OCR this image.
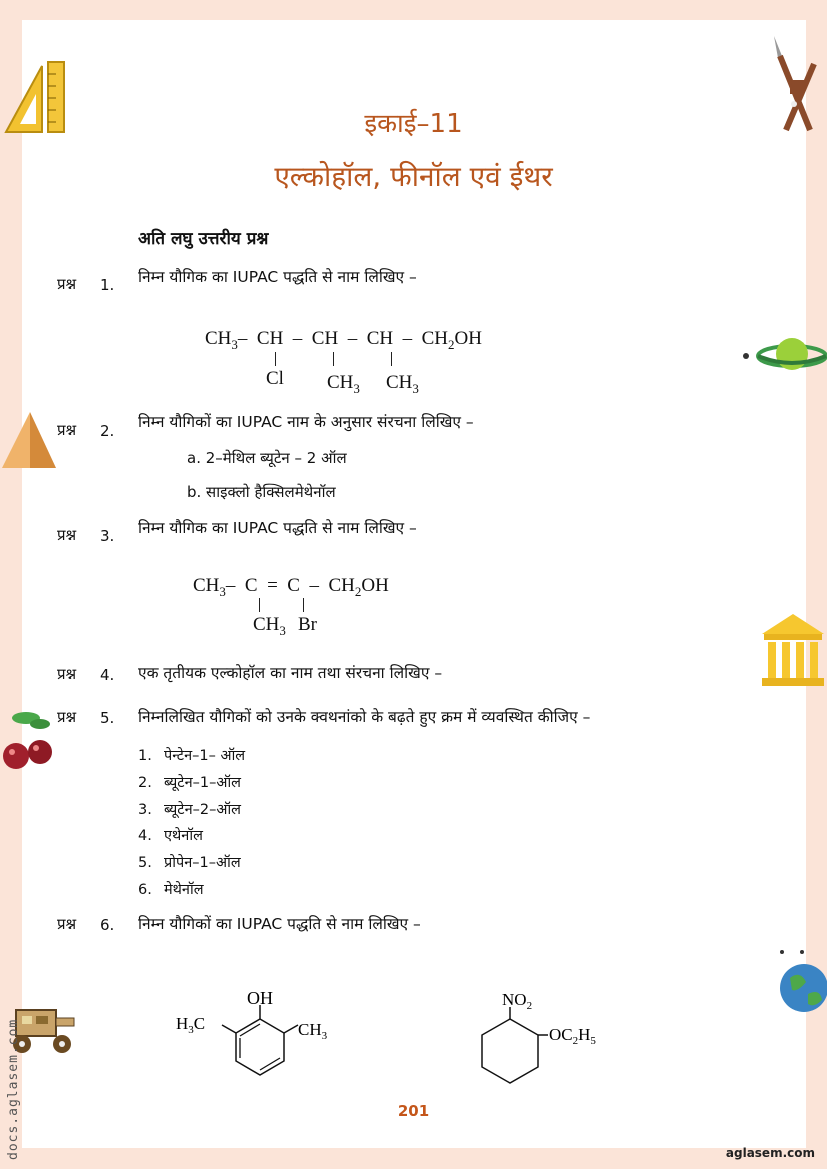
docs.aglasem.com
इकाई–11
एल्कोहॉल, फीनॉल एवं ईथर
अति लघु उत्तरीय प्रश्न
प्रश्न 1. निम्न यौगिक का IUPAC पद्धति से नाम लिखिए –
$CH_3-$  CH  –  CH  –  CH  –  $CH_2OH$
Cl $CH_3$ $CH_3$
प्रश्न 2. निम्न यौगिकों का IUPAC नाम के अनुसार संरचना लिखिए –
a. 2–मेथिल ब्यूटेन – 2 ऑल
b. साइक्लो हैक्सिलमेथेनॉल
प्रश्न 3. निम्न यौगिक का IUPAC पद्धति से नाम लिखिए –
$CH_3-$  $C = C - CH_2OH$
$CH_3$ Br
प्रश्न 4. एक तृतीयक एल्कोहॉल का नाम तथा संरचना लिखिए –
प्रश्न 5. निम्नलिखित यौगिकों को उनके क्वथनांको के बढ़ते हुए क्रम में व्यवस्थित कीजिए –
1. पेन्टेन–1– ऑल
2. ब्यूटेन–1–ऑल
3. ब्यूटेन–2–ऑल
4. एथेनॉल
5. प्रोपेन–1–ऑल
6. मेथेनॉल
प्रश्न 6. निम्न यौगिकों का IUPAC पद्धति से नाम लिखिए –
OH
$H_3C$	$CH_3$
$NO_2$
$OC_2H_5$
201
aglasem.com
